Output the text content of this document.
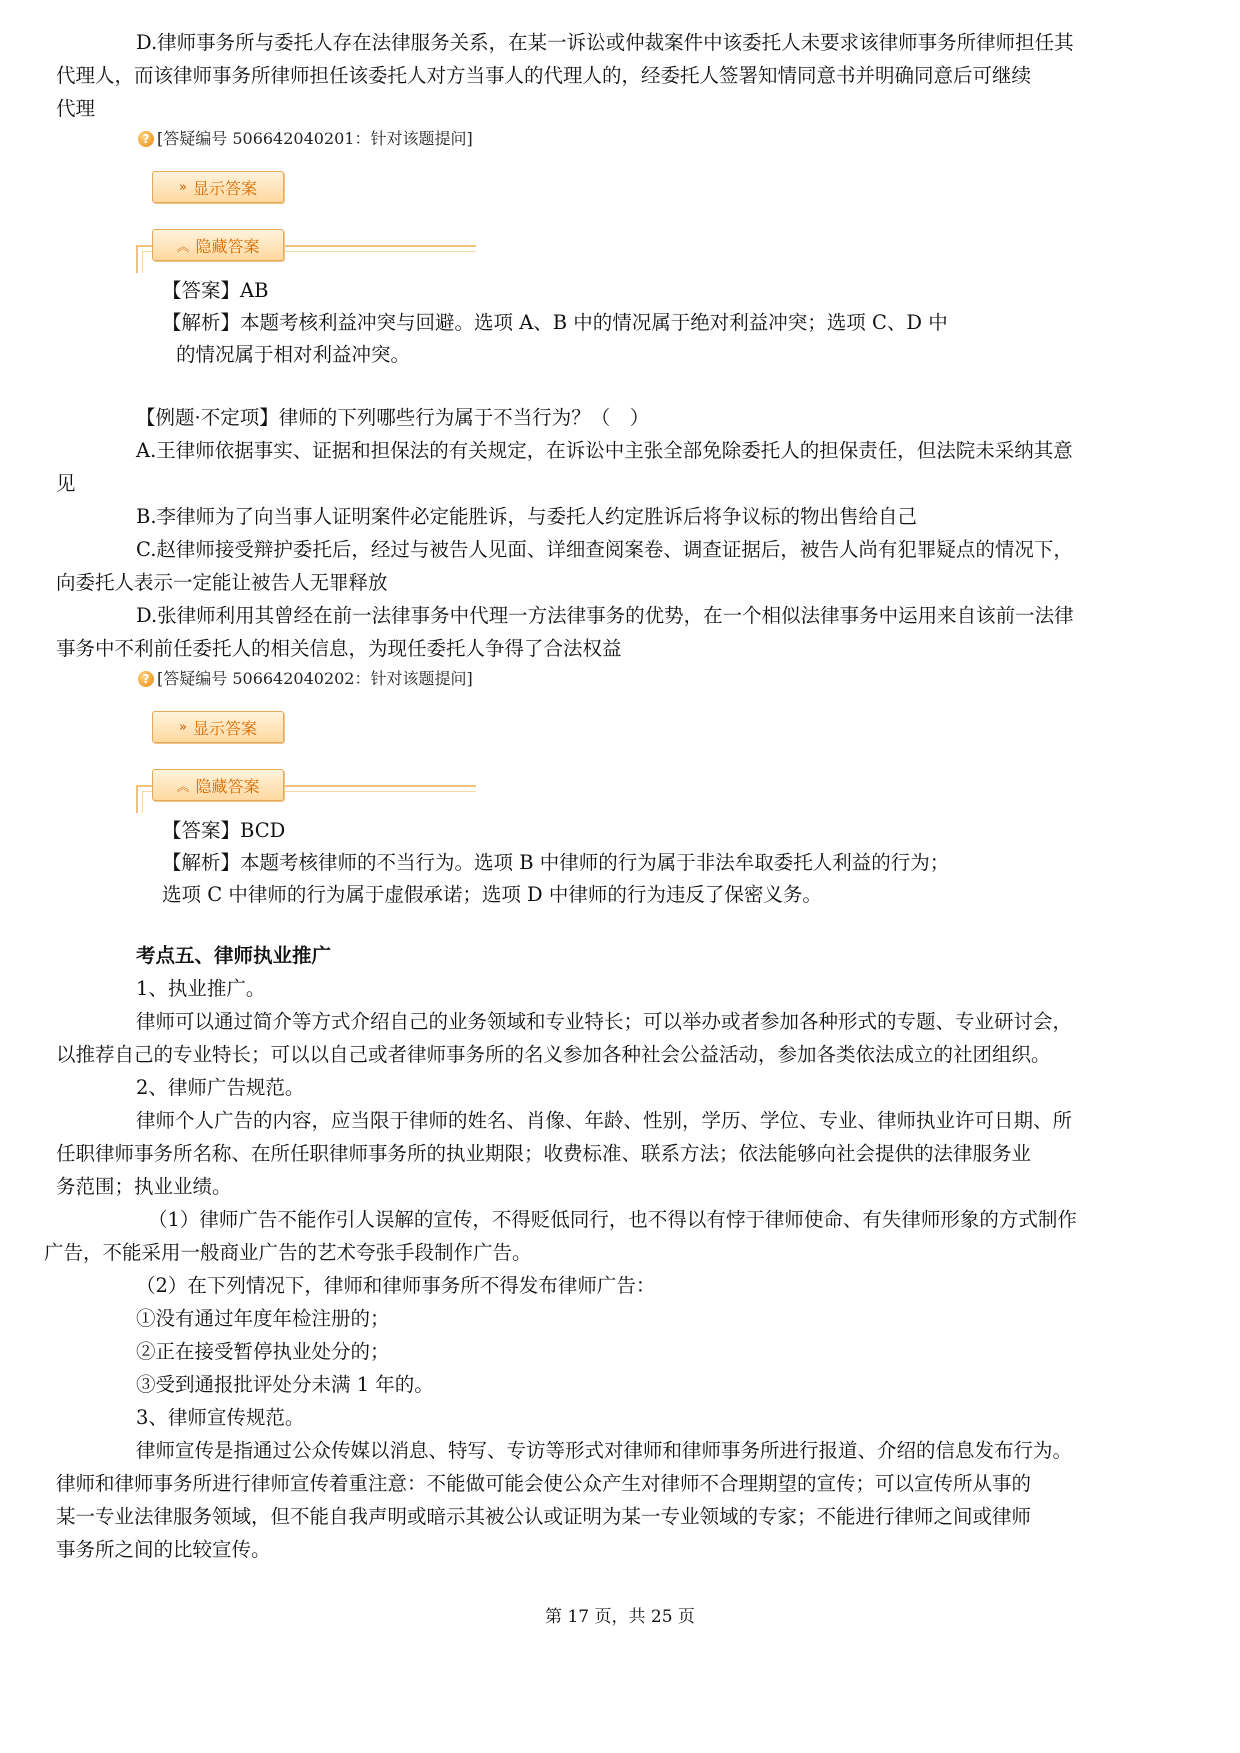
D.律师事务所与委托人存在法律服务关系，在某一诉讼或仲裁案件中该委托人未要求该律师事务所律师担任其
代理人，而该律师事务所律师担任该委托人对方当事人的代理人的，经委托人签署知情同意书并明确同意后可继续
代理

? [答疑编号 506642040201：针对该题提问]
» 显示答案
︽ 隐藏答案

【答案】AB

【解析】本题考核利益冲突与回避。选项 A、B 中的情况属于绝对利益冲突；选项 C、D 中
的情况属于相对利益冲突。

【例题·不定项】律师的下列哪些行为属于不当行为？（　）

A.王律师依据事实、证据和担保法的有关规定，在诉讼中主张全部免除委托人的担保责任，但法院未采纳其意
见

B.李律师为了向当事人证明案件必定能胜诉，与委托人约定胜诉后将争议标的物出售给自己

C.赵律师接受辩护委托后，经过与被告人见面、详细查阅案卷、调查证据后，被告人尚有犯罪疑点的情况下，
向委托人表示一定能让被告人无罪释放

D.张律师利用其曾经在前一法律事务中代理一方法律事务的优势，在一个相似法律事务中运用来自该前一法律
事务中不利前任委托人的相关信息，为现任委托人争得了合法权益

? [答疑编号 506642040202：针对该题提问]
» 显示答案
︽ 隐藏答案

【答案】BCD

【解析】本题考核律师的不当行为。选项 B 中律师的行为属于非法牟取委托人利益的行为；
选项 C 中律师的行为属于虚假承诺；选项 D 中律师的行为违反了保密义务。

考点五、律师执业推广

1、执业推广。

律师可以通过简介等方式介绍自己的业务领域和专业特长；可以举办或者参加各种形式的专题、专业研讨会，
以推荐自己的专业特长；可以以自己或者律师事务所的名义参加各种社会公益活动，参加各类依法成立的社团组织。

2、律师广告规范。

律师个人广告的内容，应当限于律师的姓名、肖像、年龄、性别，学历、学位、专业、律师执业许可日期、所
任职律师事务所名称、在所任职律师事务所的执业期限；收费标准、联系方法；依法能够向社会提供的法律服务业
务范围；执业业绩。

（1）律师广告不能作引人误解的宣传，不得贬低同行，也不得以有悖于律师使命、有失律师形象的方式制作
广告，不能采用一般商业广告的艺术夸张手段制作广告。

（2）在下列情况下，律师和律师事务所不得发布律师广告：

①没有通过年度年检注册的；

②正在接受暂停执业处分的；

③受到通报批评处分未满 1 年的。

3、律师宣传规范。

律师宣传是指通过公众传媒以消息、特写、专访等形式对律师和律师事务所进行报道、介绍的信息发布行为。
律师和律师事务所进行律师宣传着重注意：不能做可能会使公众产生对律师不合理期望的宣传；可以宣传所从事的
某一专业法律服务领域，但不能自我声明或暗示其被公认或证明为某一专业领域的专家；不能进行律师之间或律师
事务所之间的比较宣传。

第 17 页，共 25 页
